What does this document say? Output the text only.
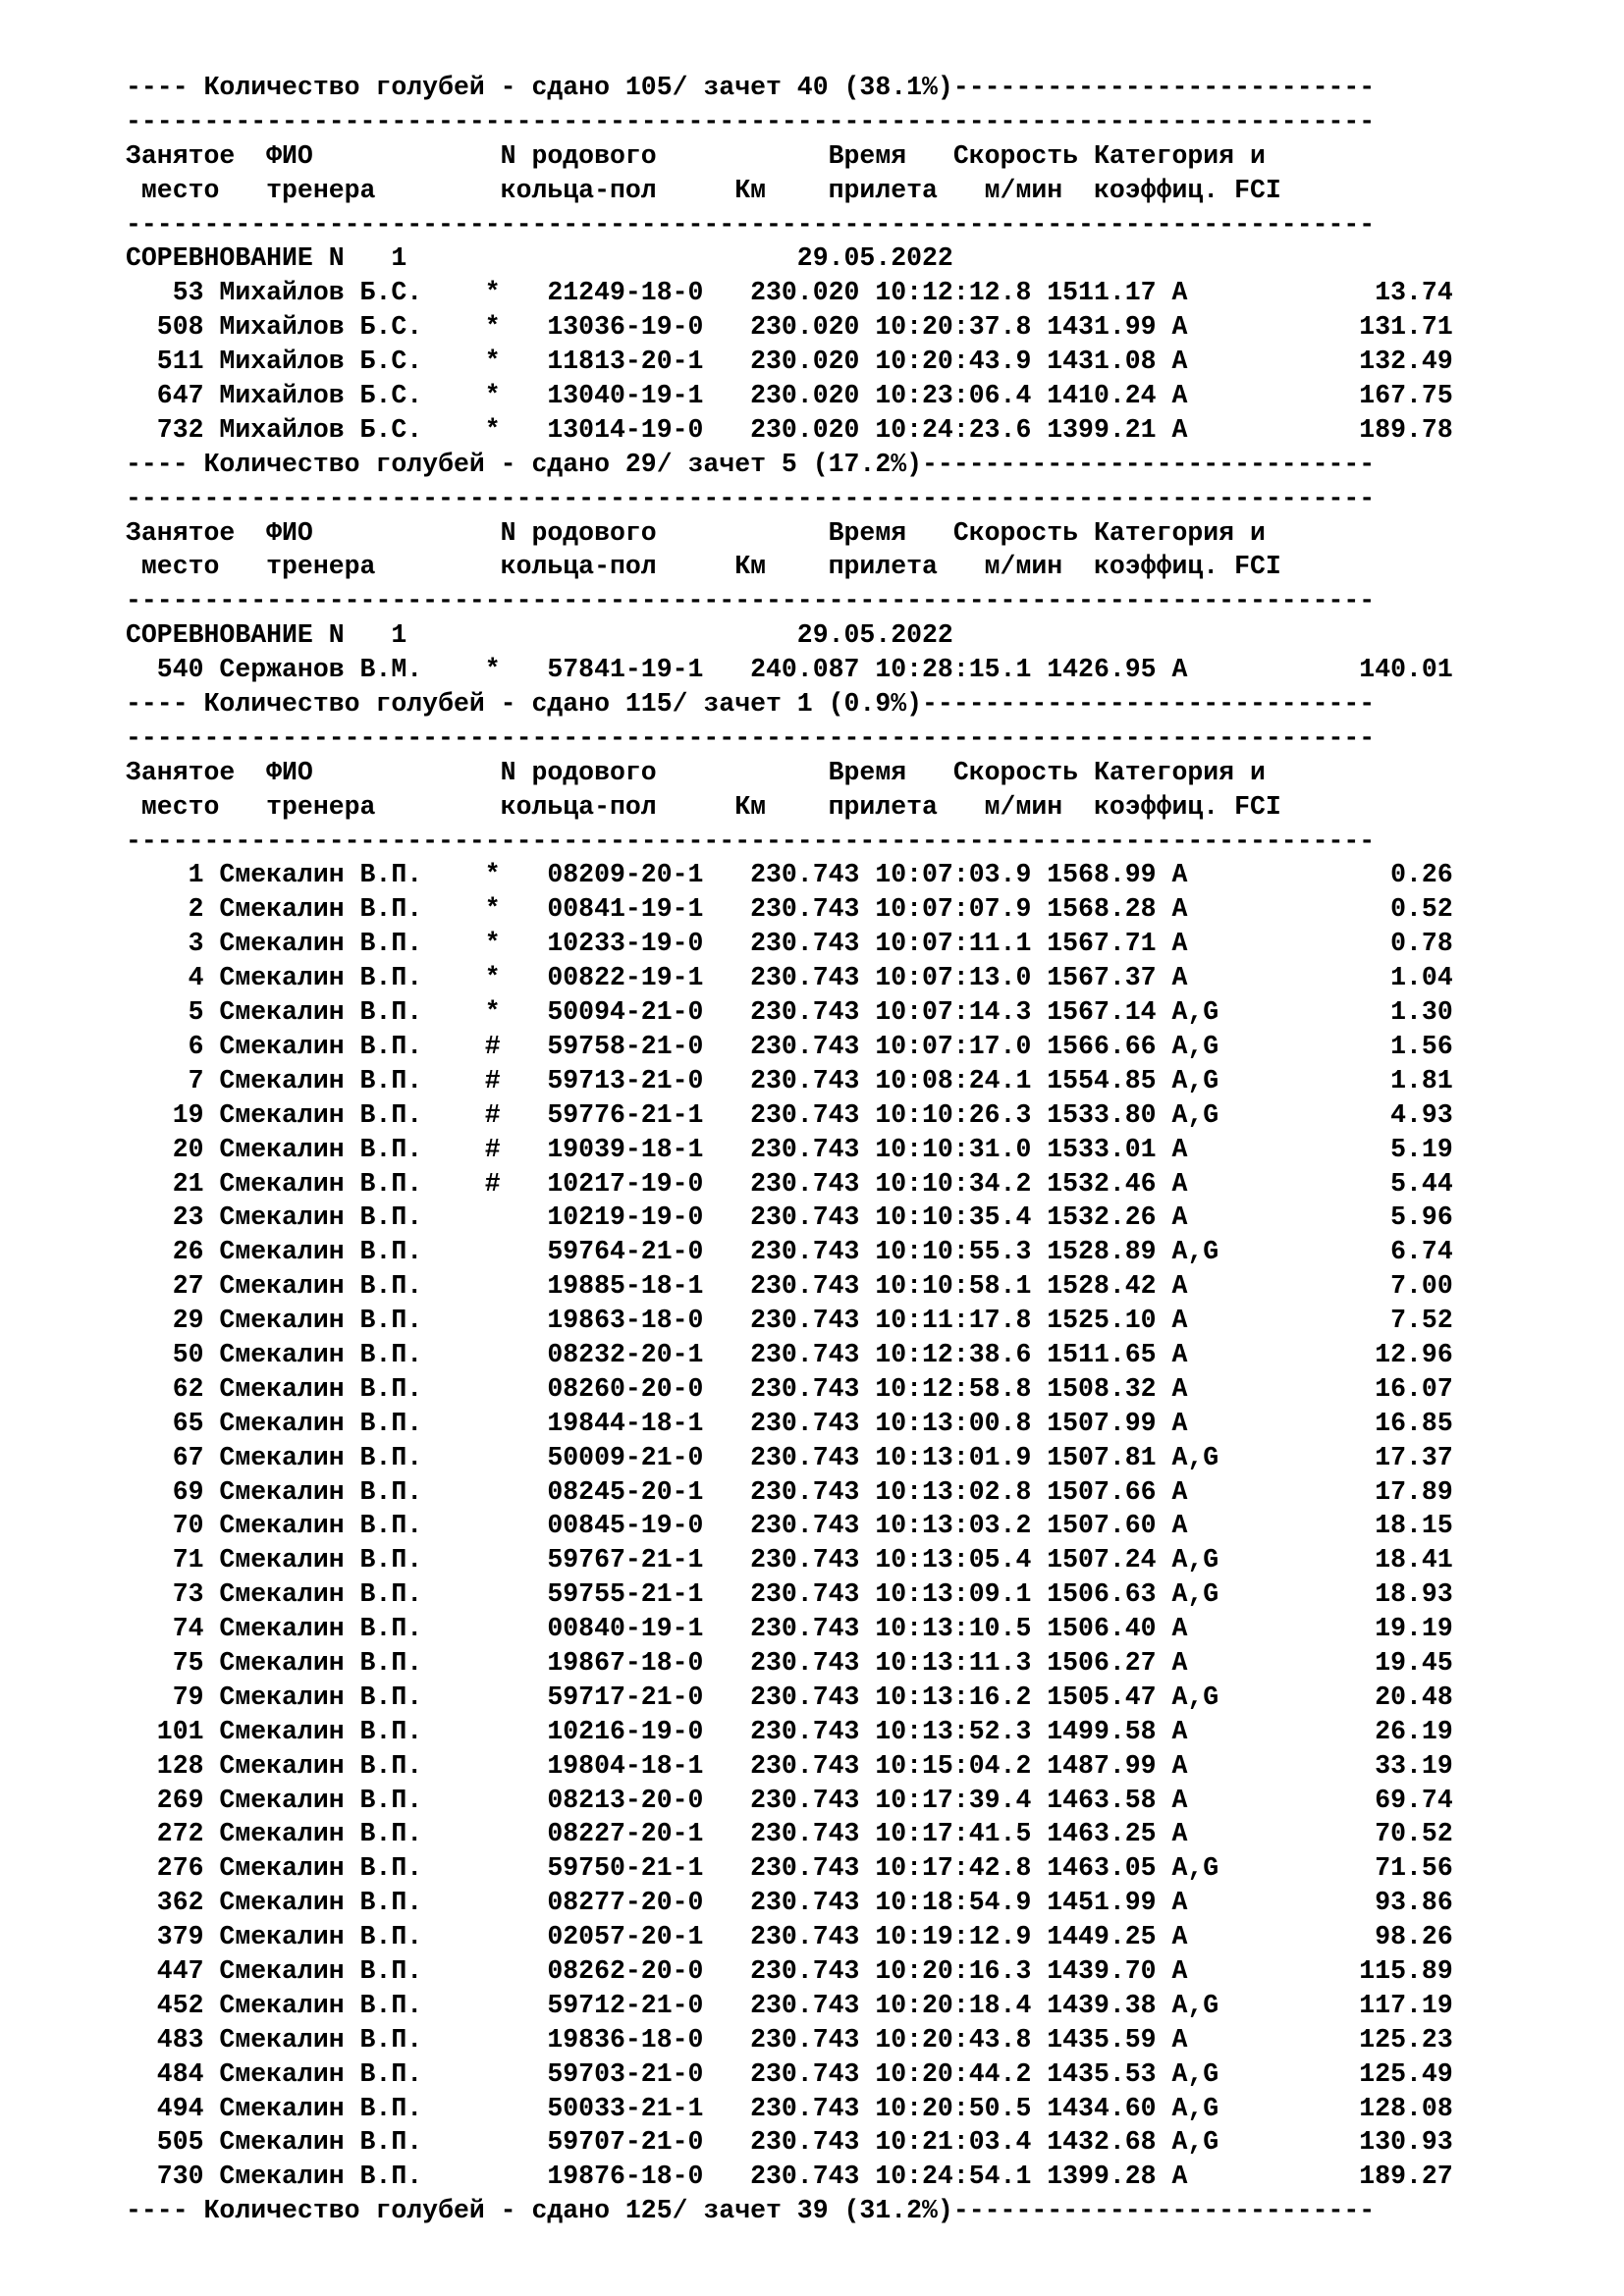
---- Количество голубей - сдано 105/ зачет 40 (38.1%)---------------------------
--------------------------------------------------------------------------------
Занятое  ФИО            N родового           Время   Скорость Категория и
место   тренера        кольца-пол     Км    прилета   м/мин  коэффиц. FCI
--------------------------------------------------------------------------------
СОРЕВНОВАНИЕ N   1                         29.05.2022
53 Михайлов Б.С.    *   21249-18-0   230.020 10:12:12.8 1511.17 A            13.74
508 Михайлов Б.С.    *   13036-19-0   230.020 10:20:37.8 1431.99 A           131.71
511 Михайлов Б.С.    *   11813-20-1   230.020 10:20:43.9 1431.08 A           132.49
647 Михайлов Б.С.    *   13040-19-1   230.020 10:23:06.4 1410.24 A           167.75
732 Михайлов Б.С.    *   13014-19-0   230.020 10:24:23.6 1399.21 A           189.78
---- Количество голубей - сдано 29/ зачет 5 (17.2%)-----------------------------
--------------------------------------------------------------------------------
Занятое  ФИО            N родового           Время   Скорость Категория и
место   тренера        кольца-пол     Км    прилета   м/мин  коэффиц. FCI
--------------------------------------------------------------------------------
СОРЕВНОВАНИЕ N   1                         29.05.2022
540 Сержанов В.М.    *   57841-19-1   240.087 10:28:15.1 1426.95 A           140.01
---- Количество голубей - сдано 115/ зачет 1 (0.9%)-----------------------------
--------------------------------------------------------------------------------
Занятое  ФИО            N родового           Время   Скорость Категория и
место   тренера        кольца-пол     Км    прилета   м/мин  коэффиц. FCI
--------------------------------------------------------------------------------
1 Смекалин В.П.    *   08209-20-1   230.743 10:07:03.9 1568.99 A             0.26
2 Смекалин В.П.    *   00841-19-1   230.743 10:07:07.9 1568.28 A             0.52
3 Смекалин В.П.    *   10233-19-0   230.743 10:07:11.1 1567.71 A             0.78
4 Смекалин В.П.    *   00822-19-1   230.743 10:07:13.0 1567.37 A             1.04
5 Смекалин В.П.    *   50094-21-0   230.743 10:07:14.3 1567.14 A,G           1.30
6 Смекалин В.П.    #   59758-21-0   230.743 10:07:17.0 1566.66 A,G           1.56
7 Смекалин В.П.    #   59713-21-0   230.743 10:08:24.1 1554.85 A,G           1.81
19 Смекалин В.П.    #   59776-21-1   230.743 10:10:26.3 1533.80 A,G           4.93
20 Смекалин В.П.    #   19039-18-1   230.743 10:10:31.0 1533.01 A             5.19
21 Смекалин В.П.    #   10217-19-0   230.743 10:10:34.2 1532.46 A             5.44
23 Смекалин В.П.        10219-19-0   230.743 10:10:35.4 1532.26 A             5.96
26 Смекалин В.П.        59764-21-0   230.743 10:10:55.3 1528.89 A,G           6.74
27 Смекалин В.П.        19885-18-1   230.743 10:10:58.1 1528.42 A             7.00
29 Смекалин В.П.        19863-18-0   230.743 10:11:17.8 1525.10 A             7.52
50 Смекалин В.П.        08232-20-1   230.743 10:12:38.6 1511.65 A            12.96
62 Смекалин В.П.        08260-20-0   230.743 10:12:58.8 1508.32 A            16.07
65 Смекалин В.П.        19844-18-1   230.743 10:13:00.8 1507.99 A            16.85
67 Смекалин В.П.        50009-21-0   230.743 10:13:01.9 1507.81 A,G          17.37
69 Смекалин В.П.        08245-20-1   230.743 10:13:02.8 1507.66 A            17.89
70 Смекалин В.П.        00845-19-0   230.743 10:13:03.2 1507.60 A            18.15
71 Смекалин В.П.        59767-21-1   230.743 10:13:05.4 1507.24 A,G          18.41
73 Смекалин В.П.        59755-21-1   230.743 10:13:09.1 1506.63 A,G          18.93
74 Смекалин В.П.        00840-19-1   230.743 10:13:10.5 1506.40 A            19.19
75 Смекалин В.П.        19867-18-0   230.743 10:13:11.3 1506.27 A            19.45
79 Смекалин В.П.        59717-21-0   230.743 10:13:16.2 1505.47 A,G          20.48
101 Смекалин В.П.        10216-19-0   230.743 10:13:52.3 1499.58 A            26.19
128 Смекалин В.П.        19804-18-1   230.743 10:15:04.2 1487.99 A            33.19
269 Смекалин В.П.        08213-20-0   230.743 10:17:39.4 1463.58 A            69.74
272 Смекалин В.П.        08227-20-1   230.743 10:17:41.5 1463.25 A            70.52
276 Смекалин В.П.        59750-21-1   230.743 10:17:42.8 1463.05 A,G          71.56
362 Смекалин В.П.        08277-20-0   230.743 10:18:54.9 1451.99 A            93.86
379 Смекалин В.П.        02057-20-1   230.743 10:19:12.9 1449.25 A            98.26
447 Смекалин В.П.        08262-20-0   230.743 10:20:16.3 1439.70 A           115.89
452 Смекалин В.П.        59712-21-0   230.743 10:20:18.4 1439.38 A,G         117.19
483 Смекалин В.П.        19836-18-0   230.743 10:20:43.8 1435.59 A           125.23
484 Смекалин В.П.        59703-21-0   230.743 10:20:44.2 1435.53 A,G         125.49
494 Смекалин В.П.        50033-21-1   230.743 10:20:50.5 1434.60 A,G         128.08
505 Смекалин В.П.        59707-21-0   230.743 10:21:03.4 1432.68 A,G         130.93
730 Смекалин В.П.        19876-18-0   230.743 10:24:54.1 1399.28 A           189.27
---- Количество голубей - сдано 125/ зачет 39 (31.2%)---------------------------
